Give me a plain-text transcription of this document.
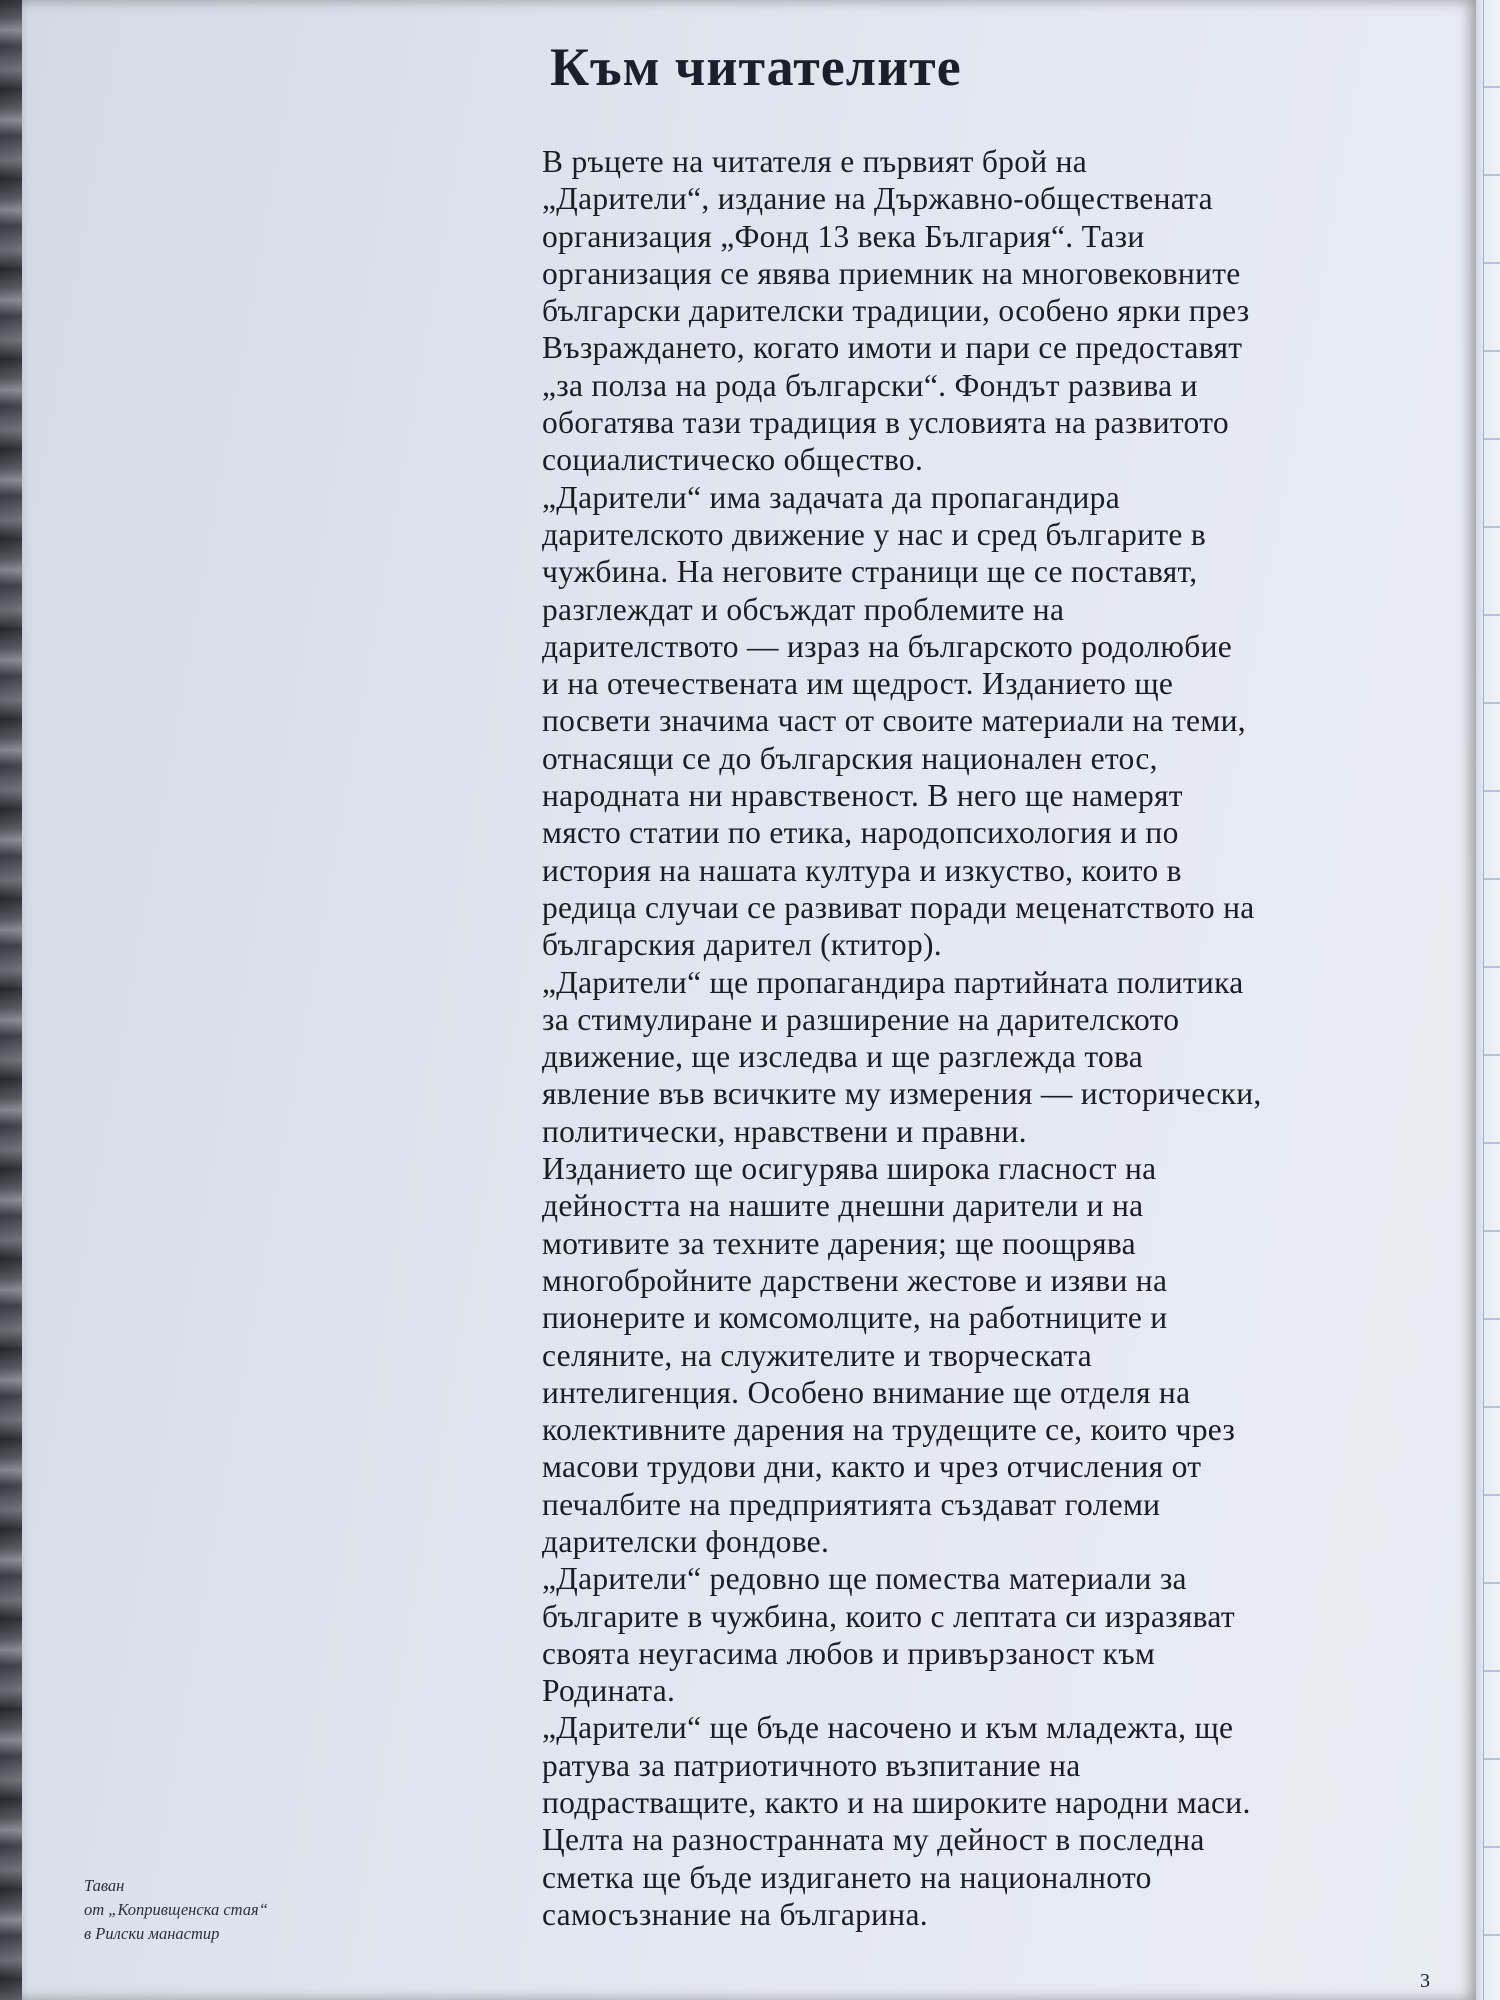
Към читателите
В ръцете на читателя е първият брой на
„Дарители“, издание на Държавно-обществената
организация „Фонд 13 века България“. Тази
организация се явява приемник на многовековните
български дарителски традиции, особено ярки през
Възраждането, когато имоти и пари се предоставят
„за полза на рода български“. Фондът развива и
обогатява тази традиция в условията на развитото
социалистическо общество.
„Дарители“ има задачата да пропагандира
дарителското движение у нас и сред българите в
чужбина. На неговите страници ще се поставят,
разглеждат и обсъждат проблемите на
дарителството — израз на българското родолюбие
и на отечествената им щедрост. Изданието ще
посвети значима част от своите материали на теми,
отнасящи се до българския национален етос,
народната ни нравственост. В него ще намерят
място статии по етика, народопсихология и по
история на нашата култура и изкуство, които в
редица случаи се развиват поради меценатството на
българския дарител (ктитор).
„Дарители“ ще пропагандира партийната политика
за стимулиране и разширение на дарителското
движение, ще изследва и ще разглежда това
явление във всичките му измерения — исторически,
политически, нравствени и правни.
Изданието ще осигурява широка гласност на
дейността на нашите днешни дарители и на
мотивите за техните дарения; ще поощрява
многобройните дарствени жестове и изяви на
пионерите и комсомолците, на работниците и
селяните, на служителите и творческата
интелигенция. Особено внимание ще отделя на
колективните дарения на трудещите се, които чрез
масови трудови дни, както и чрез отчисления от
печалбите на предприятията създават големи
дарителски фондове.
„Дарители“ редовно ще помества материали за
българите в чужбина, които с лептата си изразяват
своята неугасима любов и привързаност към
Родината.
„Дарители“ ще бъде насочено и към младежта, ще
ратува за патриотичното възпитание на
подрастващите, както и на широките народни маси.
Целта на разностранната му дейност в последна
сметка ще бъде издигането на националното
самосъзнание на българина.
Таван
от „Копривщенска стая“
в Рилски манастир
3
